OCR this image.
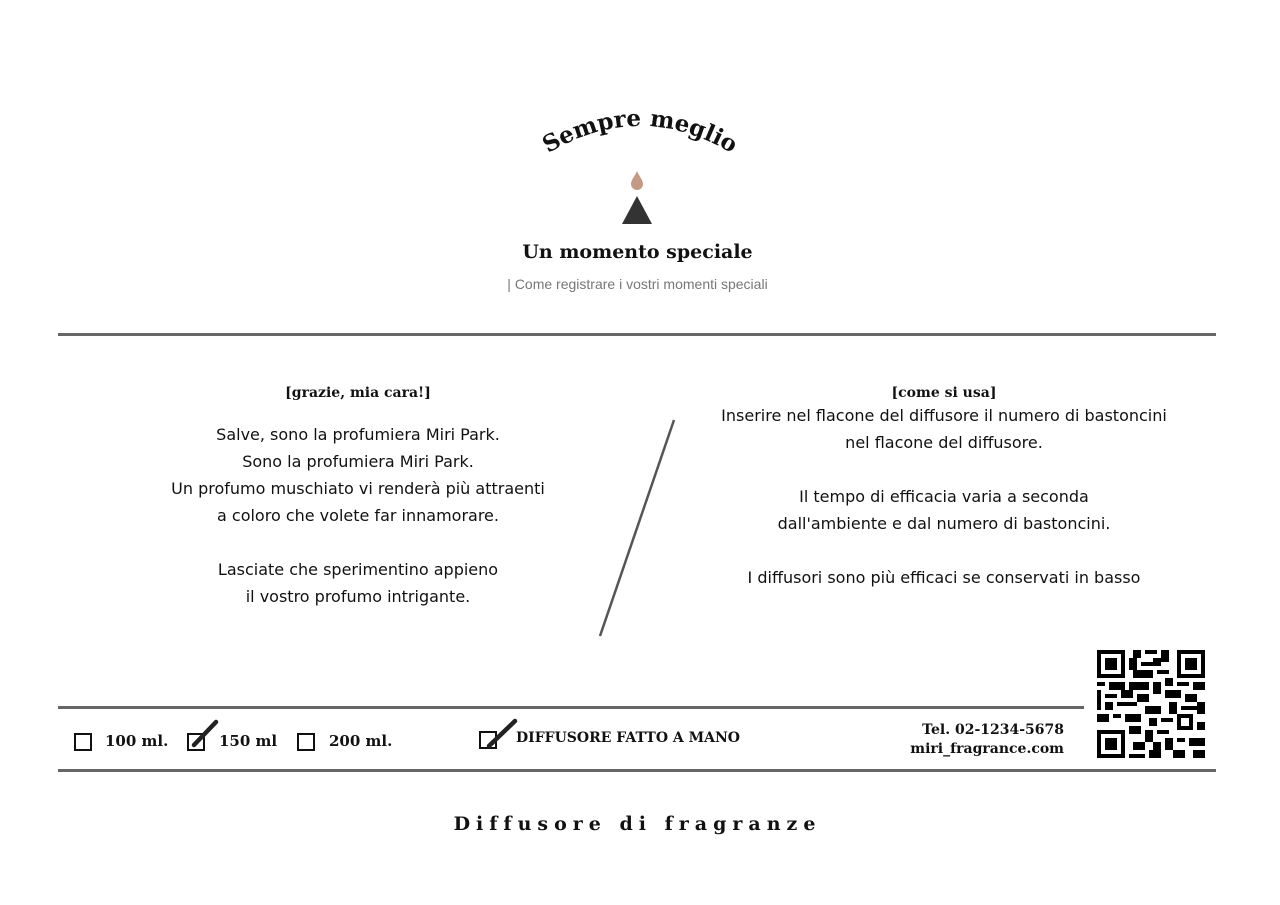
Sempre meglio
Un momento speciale
| Come registrare i vostri momenti speciali
[grazie, mia cara!]
Salve, sono la profumiera Miri Park.
Sono la profumiera Miri Park.
Un profumo muschiato vi renderà più attraenti
a coloro che volete far innamorare.
Lasciate che sperimentino appieno
il vostro profumo intrigante.
[come si usa]
Inserire nel flacone del diffusore il numero di bastoncini
nel flacone del diffusore.
Il tempo di efficacia varia a seconda
dall'ambiente e dal numero di bastoncini.
I diffusori sono più efficaci se conservati in basso
100 ml.	150 ml	200 ml.	DIFFUSORE FATTO A MANO	Tel. 02-1234-5678
miri_fragrance.com
Diffusore di fragranze
